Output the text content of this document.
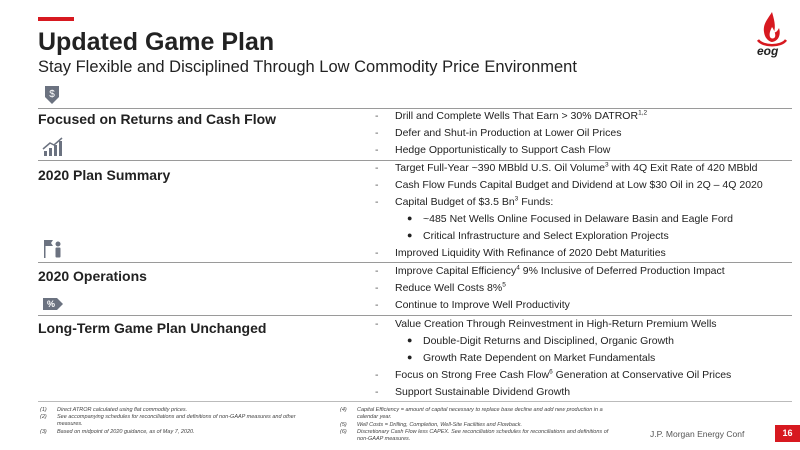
Updated Game Plan
Stay Flexible and Disciplined Through Low Commodity Price Environment
eog
$
Focused on Returns and Cash Flow	- Drill and Complete Wells That Earn > 30% DATROR$^{1,2}$
- Defer and Shut-in Production at Lower Oil Prices
- Hedge Opportunistically to Support Cash Flow
2020 Plan Summary	- Target Full-Year ~390 MBbld U.S. Oil Volume$^3$ with 4Q Exit Rate of 420 MBbld
- Cash Flow Funds Capital Budget and Dividend at Low $30 Oil in 2Q – 4Q 2020
- Capital Budget of $3.5 Bn$^3$ Funds:
● ~485 Net Wells Online Focused in Delaware Basin and Eagle Ford
● Critical Infrastructure and Select Exploration Projects
- Improved Liquidity With Refinance of 2020 Debt Maturities
2020 Operations	- Improve Capital Efficiency$^4$ 9% Inclusive of Deferred Production Impact
- Reduce Well Costs 8%$^5$
- Continue to Improve Well Productivity
%
Long-Term Game Plan Unchanged	- Value Creation Through Reinvestment in High-Return Premium Wells
● Double-Digit Returns and Disciplined, Organic Growth
● Growth Rate Dependent on Market Fundamentals
- Focus on Strong Free Cash Flow$^6$ Generation at Conservative Oil Prices
- Support Sustainable Dividend Growth
(1) Direct ATROR calculated using flat commodity prices.
(2) See accompanying schedules for reconciliations and definitions of non-GAAP measures and other
measures.
(3) Based on midpoint of 2020 guidance, as of May 7, 2020.
(4) Capital Efficiency = amount of capital necessary to replace base decline and add new production in a
calendar year.
(5) Well Costs = Drilling, Completion, Well-Site Facilities and Flowback.
(6) Discretionary Cash Flow less CAPEX. See reconciliation schedules for reconciliations and definitions of
non-GAAP measures.	J.P. Morgan Energy Conf	16
